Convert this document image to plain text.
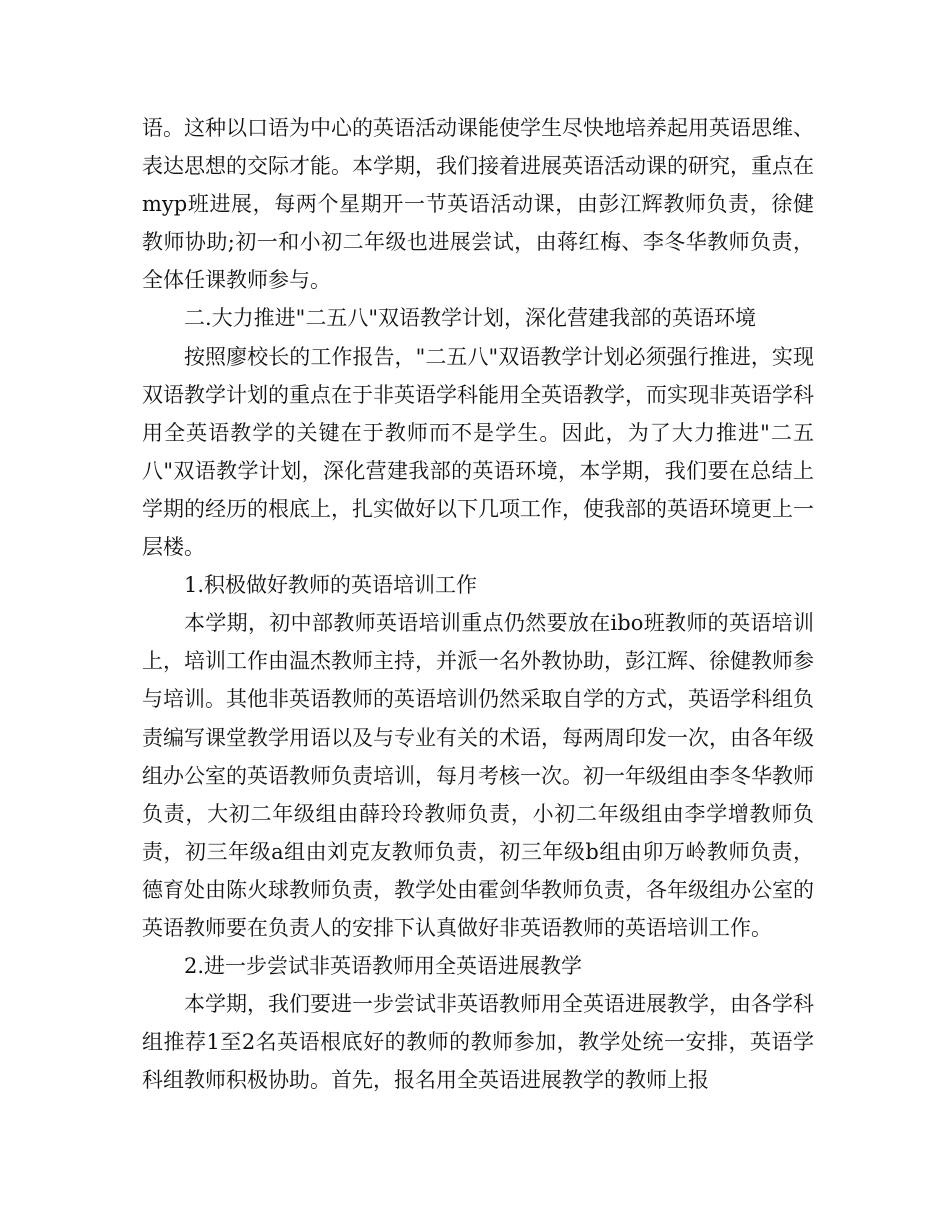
语。这种以口语为中心的英语活动课能使学生尽快地培养起用英语思维、表达思想的交际才能。本学期，我们接着进展英语活动课的研究，重点在myp班进展，每两个星期开一节英语活动课，由彭江辉教师负责，徐健教师协助;初一和小初二年级也进展尝试，由蒋红梅、李冬华教师负责，全体任课教师参与。

二.大力推进"二五八"双语教学计划，深化营建我部的英语环境

按照廖校长的工作报告，"二五八"双语教学计划必须强行推进，实现双语教学计划的重点在于非英语学科能用全英语教学，而实现非英语学科用全英语教学的关键在于教师而不是学生。因此，为了大力推进"二五八"双语教学计划，深化营建我部的英语环境，本学期，我们要在总结上学期的经历的根底上，扎实做好以下几项工作，使我部的英语环境更上一层楼。

1.积极做好教师的英语培训工作

本学期，初中部教师英语培训重点仍然要放在ibo班教师的英语培训上，培训工作由温杰教师主持，并派一名外教协助，彭江辉、徐健教师参与培训。其他非英语教师的英语培训仍然采取自学的方式，英语学科组负责编写课堂教学用语以及与专业有关的术语，每两周印发一次，由各年级组办公室的英语教师负责培训，每月考核一次。初一年级组由李冬华教师负责，大初二年级组由薛玲玲教师负责，小初二年级组由李学增教师负责，初三年级a组由刘克友教师负责，初三年级b组由卯万岭教师负责，德育处由陈火球教师负责，教学处由霍剑华教师负责，各年级组办公室的英语教师要在负责人的安排下认真做好非英语教师的英语培训工作。

2.进一步尝试非英语教师用全英语进展教学

本学期，我们要进一步尝试非英语教师用全英语进展教学，由各学科组推荐1至2名英语根底好的教师的教师参加，教学处统一安排，英语学科组教师积极协助。首先，报名用全英语进展教学的教师上报
